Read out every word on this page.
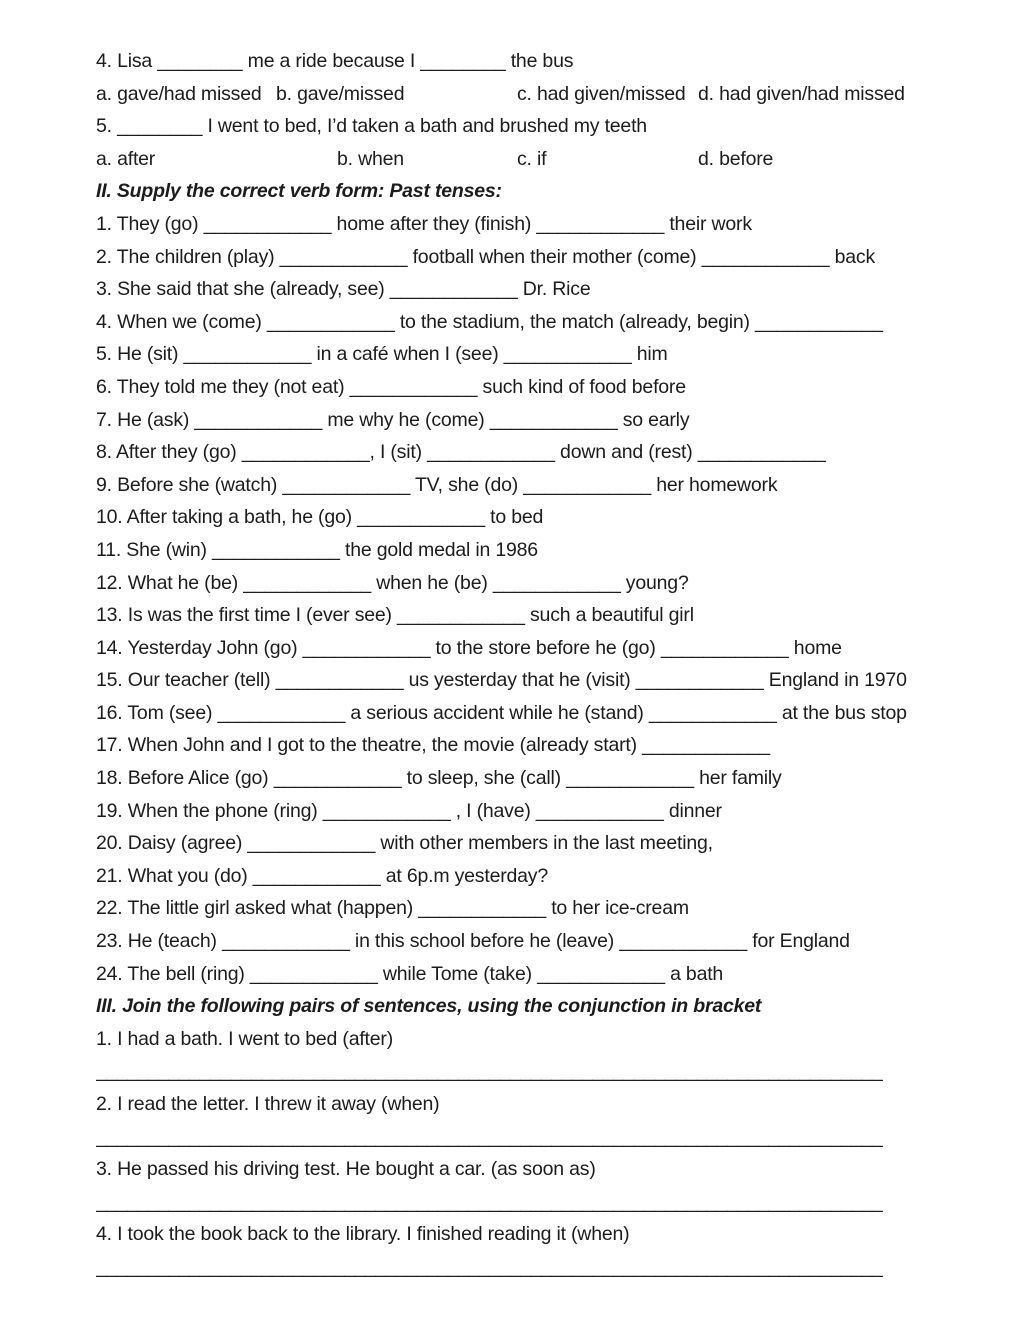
4. Lisa ________ me a ride because I ________ the bus
a. gave/had missed b. gave/missed	c. had given/missed d. had given/had missed
5. ________ I went to bed, I’d taken a bath and brushed my teeth
a. after	b. when	c. if	d. before
II. Supply the correct verb form: Past tenses:
1. They (go) ____________ home after they (finish) ____________ their work
2. The children (play) ____________ football when their mother (come) ____________ back
3. She said that she (already, see) ____________ Dr. Rice
4. When we (come) ____________ to the stadium, the match (already, begin) ____________
5. He (sit) ____________ in a café when I (see) ____________ him
6. They told me they (not eat) ____________ such kind of food before
7. He (ask) ____________ me why he (come) ____________ so early
8. After they (go) ____________, I (sit) ____________ down and (rest) ____________
9. Before she (watch) ____________ TV, she (do) ____________ her homework
10. After taking a bath, he (go) ____________ to bed
11. She (win) ____________ the gold medal in 1986
12. What he (be) ____________ when he (be) ____________ young?
13. Is was the first time I (ever see) ____________ such a beautiful girl
14. Yesterday John (go) ____________ to the store before he (go) ____________ home
15. Our teacher (tell) ____________ us yesterday that he (visit) ____________ England in 1970
16. Tom (see) ____________ a serious accident while he (stand) ____________ at the bus stop
17. When John and I got to the theatre, the movie (already start) ____________
18. Before Alice (go) ____________ to sleep, she (call) ____________ her family
19. When the phone (ring) ____________ , I (have) ____________ dinner
20. Daisy (agree) ____________ with other members in the last meeting,
21. What you (do) ____________ at 6p.m yesterday?
22. The little girl asked what (happen) ____________ to her ice-cream
23. He (teach) ____________ in this school before he (leave) ____________ for England
24. The bell (ring) ____________ while Tome (take) ____________ a bath
III. Join the following pairs of sentences, using the conjunction in bracket
1. I had a bath. I went to bed (after)
____________________________________________________________________________
2. I read the letter. I threw it away (when)
____________________________________________________________________________
3. He passed his driving test. He bought a car. (as soon as)
____________________________________________________________________________
4. I took the book back to the library. I finished reading it (when)
____________________________________________________________________________
